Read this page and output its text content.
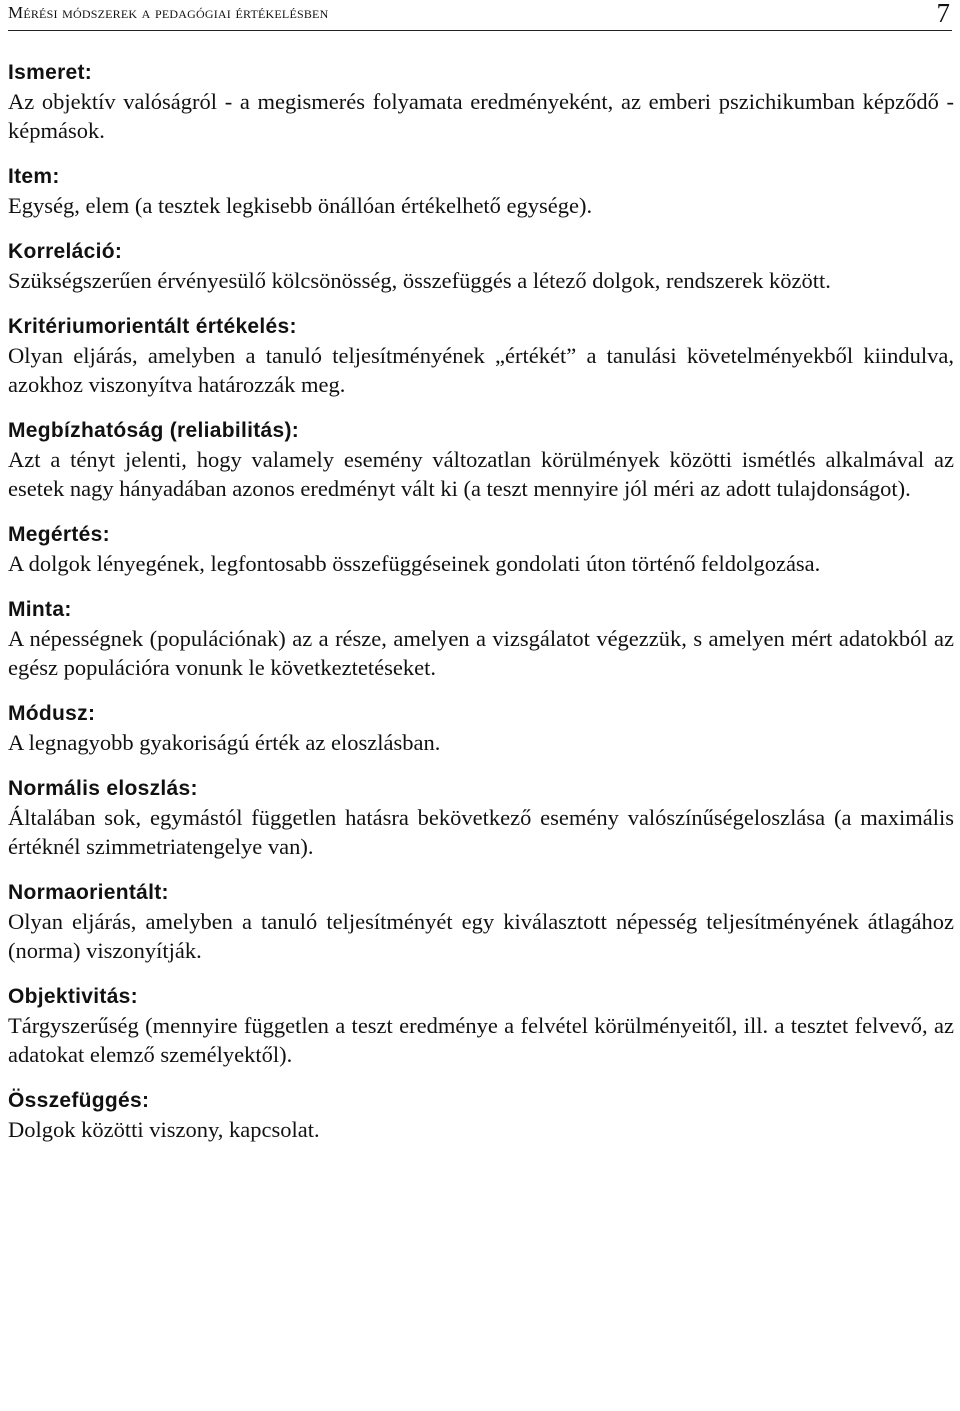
Mérési módszerek a pedagógiai értékelésben	7
Ismeret:
Az objektív valóságról - a megismerés folyamata eredményeként, az emberi pszichikumban képződő - képmások.
Item:
Egység, elem (a tesztek legkisebb önállóan értékelhető egysége).
Korreláció:
Szükségszerűen érvényesülő kölcsönösség, összefüggés a létező dolgok, rendszerek között.
Kritériumorientált értékelés:
Olyan eljárás, amelyben a tanuló teljesítményének „értékét” a tanulási követelményekből kiindulva, azokhoz viszonyítva határozzák meg.
Megbízhatóság (reliabilitás):
Azt a tényt jelenti, hogy valamely esemény változatlan körülmények közötti ismétlés alkalmával az esetek nagy hányadában azonos eredményt vált ki (a teszt mennyire jól méri az adott tulajdonságot).
Megértés:
A dolgok lényegének, legfontosabb összefüggéseinek gondolati úton történő feldolgozása.
Minta:
A népességnek (populációnak) az a része, amelyen a vizsgálatot végezzük, s amelyen mért adatokból az egész populációra vonunk le következtetéseket.
Módusz:
A legnagyobb gyakoriságú érték az eloszlásban.
Normális eloszlás:
Általában sok, egymástól független hatásra bekövetkező esemény valószínűségeloszlása (a maximális értéknél szimmetriatengelye van).
Normaorientált:
Olyan eljárás, amelyben a tanuló teljesítményét egy kiválasztott népesség teljesítményének átlagához (norma) viszonyítják.
Objektivitás:
Tárgyszerűség (mennyire független a teszt eredménye a felvétel körülményeitől, ill. a tesztet felvevő, az adatokat elemző személyektől).
Összefüggés:
Dolgok közötti viszony, kapcsolat.
